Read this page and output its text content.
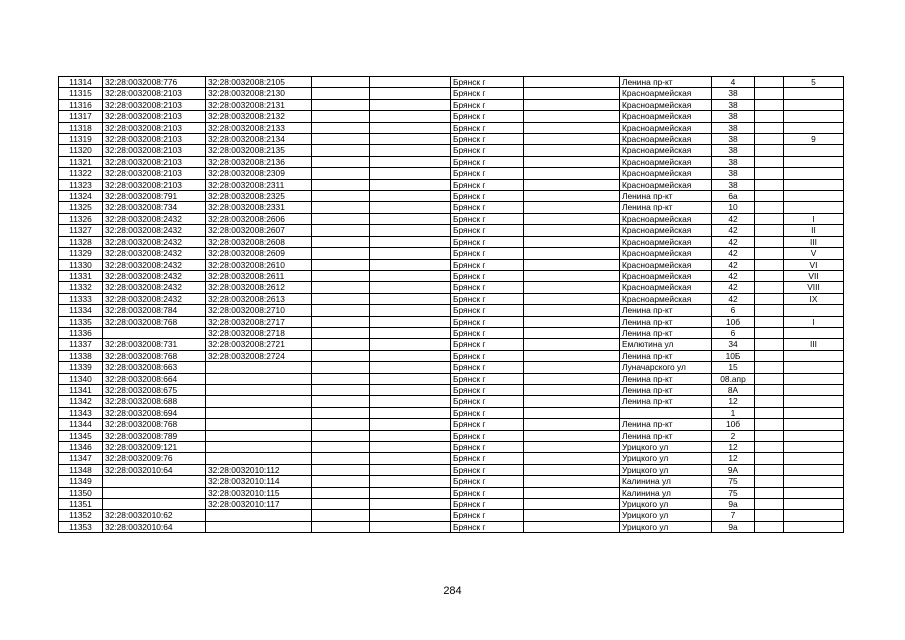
11314	32:28:0032008:776	32:28:0032008:2105			Брянск г		Ленина пр-кт	4		5
11315	32:28:0032008:2103	32:28:0032008:2130			Брянск г		Красноармейская	38		
11316	32:28:0032008:2103	32:28:0032008:2131			Брянск г		Красноармейская	38		
11317	32:28:0032008:2103	32:28:0032008:2132			Брянск г		Красноармейская	38		
11318	32:28:0032008:2103	32:28:0032008:2133			Брянск г		Красноармейская	38		
11319	32:28:0032008:2103	32:28:0032008:2134			Брянск г		Красноармейская	38		9
11320	32:28:0032008:2103	32:28:0032008:2135			Брянск г		Красноармейская	38		
11321	32:28:0032008:2103	32:28:0032008:2136			Брянск г		Красноармейская	38		
11322	32:28:0032008:2103	32:28:0032008:2309			Брянск г		Красноармейская	38		
11323	32:28:0032008:2103	32:28:0032008:2311			Брянск г		Красноармейская	38		
11324	32:28:0032008:791	32:28:0032008:2325			Брянск г		Ленина пр-кт	6а		
11325	32:28:0032008:734	32:28:0032008:2331			Брянск г		Ленина пр-кт	10		
11326	32:28:0032008:2432	32:28:0032008:2606			Брянск г		Красноармейская	42		I
11327	32:28:0032008:2432	32:28:0032008:2607			Брянск г		Красноармейская	42		II
11328	32:28:0032008:2432	32:28:0032008:2608			Брянск г		Красноармейская	42		III
11329	32:28:0032008:2432	32:28:0032008:2609			Брянск г		Красноармейская	42		V
11330	32:28:0032008:2432	32:28:0032008:2610			Брянск г		Красноармейская	42		VI
11331	32:28:0032008:2432	32:28:0032008:2611			Брянск г		Красноармейская	42		VII
11332	32:28:0032008:2432	32:28:0032008:2612			Брянск г		Красноармейская	42		VIII
11333	32:28:0032008:2432	32:28:0032008:2613			Брянск г		Красноармейская	42		IX
11334	32:28:0032008:784	32:28:0032008:2710			Брянск г		Ленина пр-кт	6		
11335	32:28:0032008:768	32:28:0032008:2717			Брянск г		Ленина пр-кт	10б		I
11336		32:28:0032008:2718			Брянск г		Ленина пр-кт	6		
11337	32:28:0032008:731	32:28:0032008:2721			Брянск г		Емлютина ул	34		III
11338	32:28:0032008:768	32:28:0032008:2724			Брянск г		Ленина пр-кт	10Б		
11339	32:28:0032008:663				Брянск г		Луначарского ул	15		
11340	32:28:0032008:664				Брянск г		Ленина пр-кт	08.апр		
11341	32:28:0032008:675				Брянск г		Ленина пр-кт	8А		
11342	32:28:0032008:688				Брянск г		Ленина пр-кт	12		
11343	32:28:0032008:694				Брянск г			1		
11344	32:28:0032008:768				Брянск г		Ленина пр-кт	10б		
11345	32:28:0032008:789				Брянск г		Ленина пр-кт	2		
11346	32:28:0032009:121				Брянск г		Урицкого ул	12		
11347	32:28:0032009:76				Брянск г		Урицкого ул	12		
11348	32:28:0032010:64	32:28:0032010:112			Брянск г		Урицкого ул	9А		
11349		32:28:0032010:114			Брянск г		Калинина ул	75		
11350		32:28:0032010:115			Брянск г		Калинина ул	75		
11351		32:28:0032010:117			Брянск г		Урицкого ул	9а		
11352	32:28:0032010:62				Брянск г		Урицкого ул	7		
11353	32:28:0032010:64				Брянск г		Урицкого ул	9а		
284
